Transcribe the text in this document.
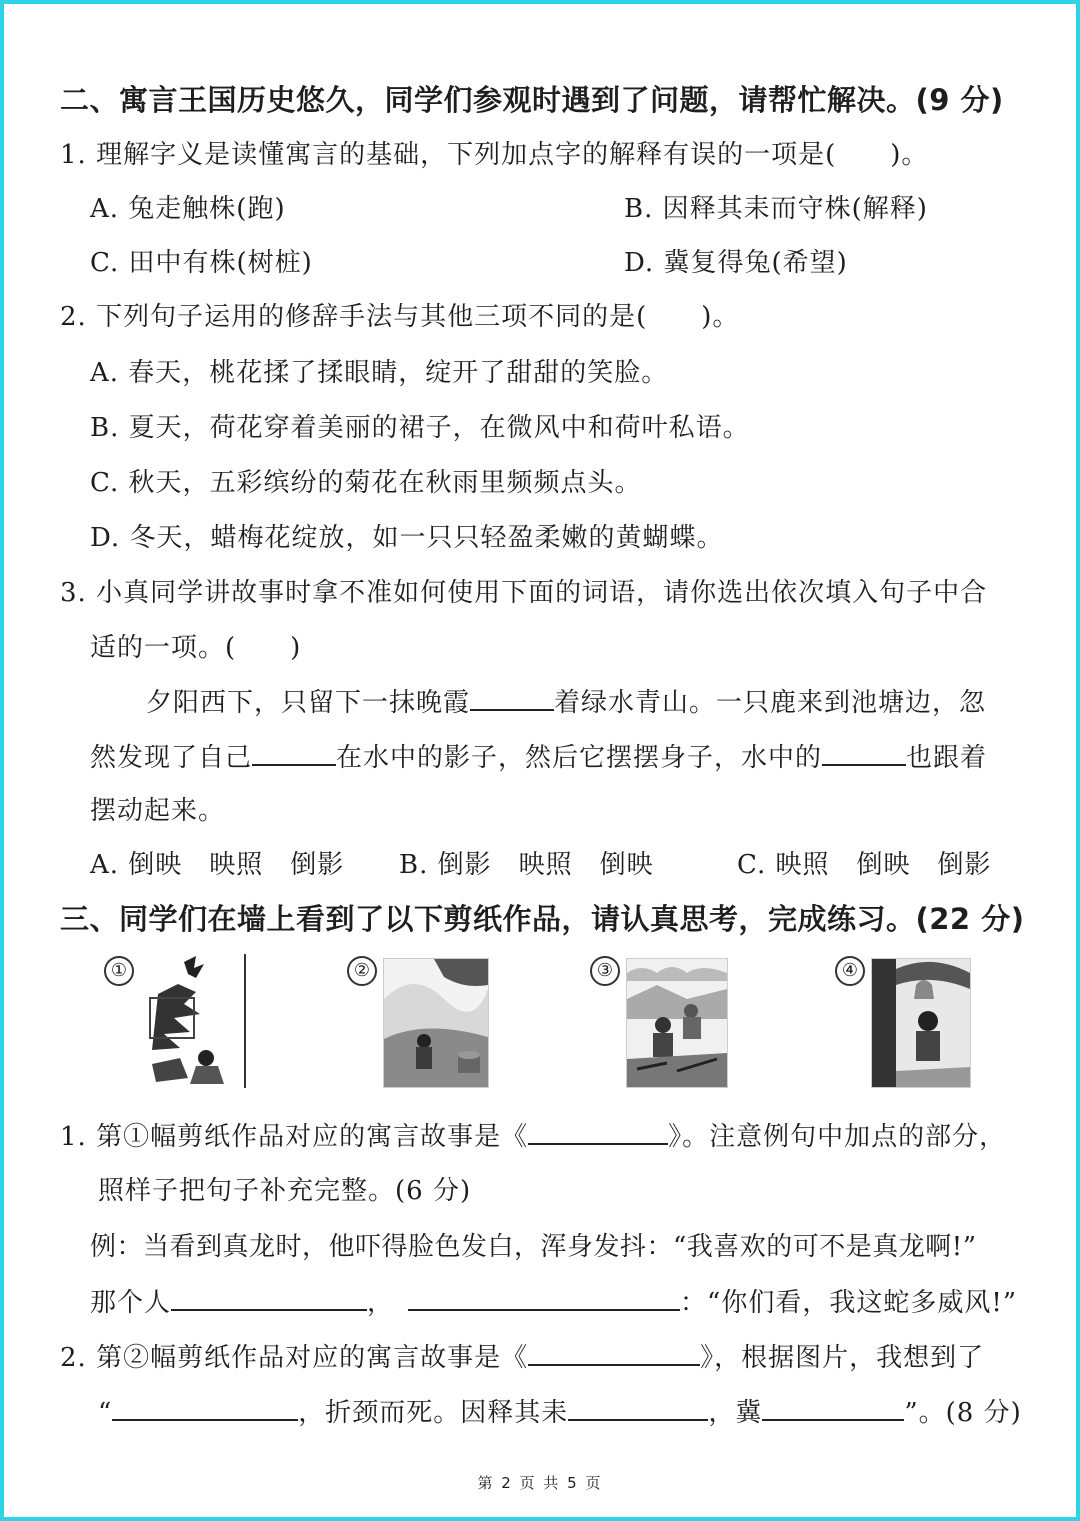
二、寓言王国历史悠久，同学们参观时遇到了问题，请帮忙解决。(9 分)
1. 理解字义是读懂寓言的基础，下列加点字的解释有误的一项是(　　)。
A. 兔走触株(跑)	B. 因释其耒而守株(解释)
C. 田中有株(树桩)	D. 冀复得兔(希望)
2. 下列句子运用的修辞手法与其他三项不同的是(　　)。
A. 春天，桃花揉了揉眼睛，绽开了甜甜的笑脸。
B. 夏天，荷花穿着美丽的裙子，在微风中和荷叶私语。
C. 秋天，五彩缤纷的菊花在秋雨里频频点头。
D. 冬天，蜡梅花绽放，如一只只轻盈柔嫩的黄蝴蝶。
3. 小真同学讲故事时拿不准如何使用下面的词语，请你选出依次填入句子中合
适的一项。(　　)
夕阳西下，只留下一抹晚霞	着绿水青山。一只鹿来到池塘边，忽
然发现了自己	在水中的影子，然后它摆摆身子，水中的	也跟着
摆动起来。
A. 倒映　映照　倒影 B. 倒影　映照　倒映	C. 映照　倒映　倒影
三、同学们在墙上看到了以下剪纸作品，请认真思考，完成练习。(22 分)
①	②	③	④
1. 第①幅剪纸作品对应的寓言故事是《	》。注意例句中加点的部分，
照样子把句子补充完整。(6 分)
例：当看到真龙时，他吓得脸色发白，浑身发抖：“我喜欢的可不是真龙啊!”
那个人	，	：“你们看，我这蛇多威风!”
2. 第②幅剪纸作品对应的寓言故事是《	》，根据图片，我想到了
“	，折颈而死。因释其耒	，冀	”。(8 分)
第 2 页 共 5 页
